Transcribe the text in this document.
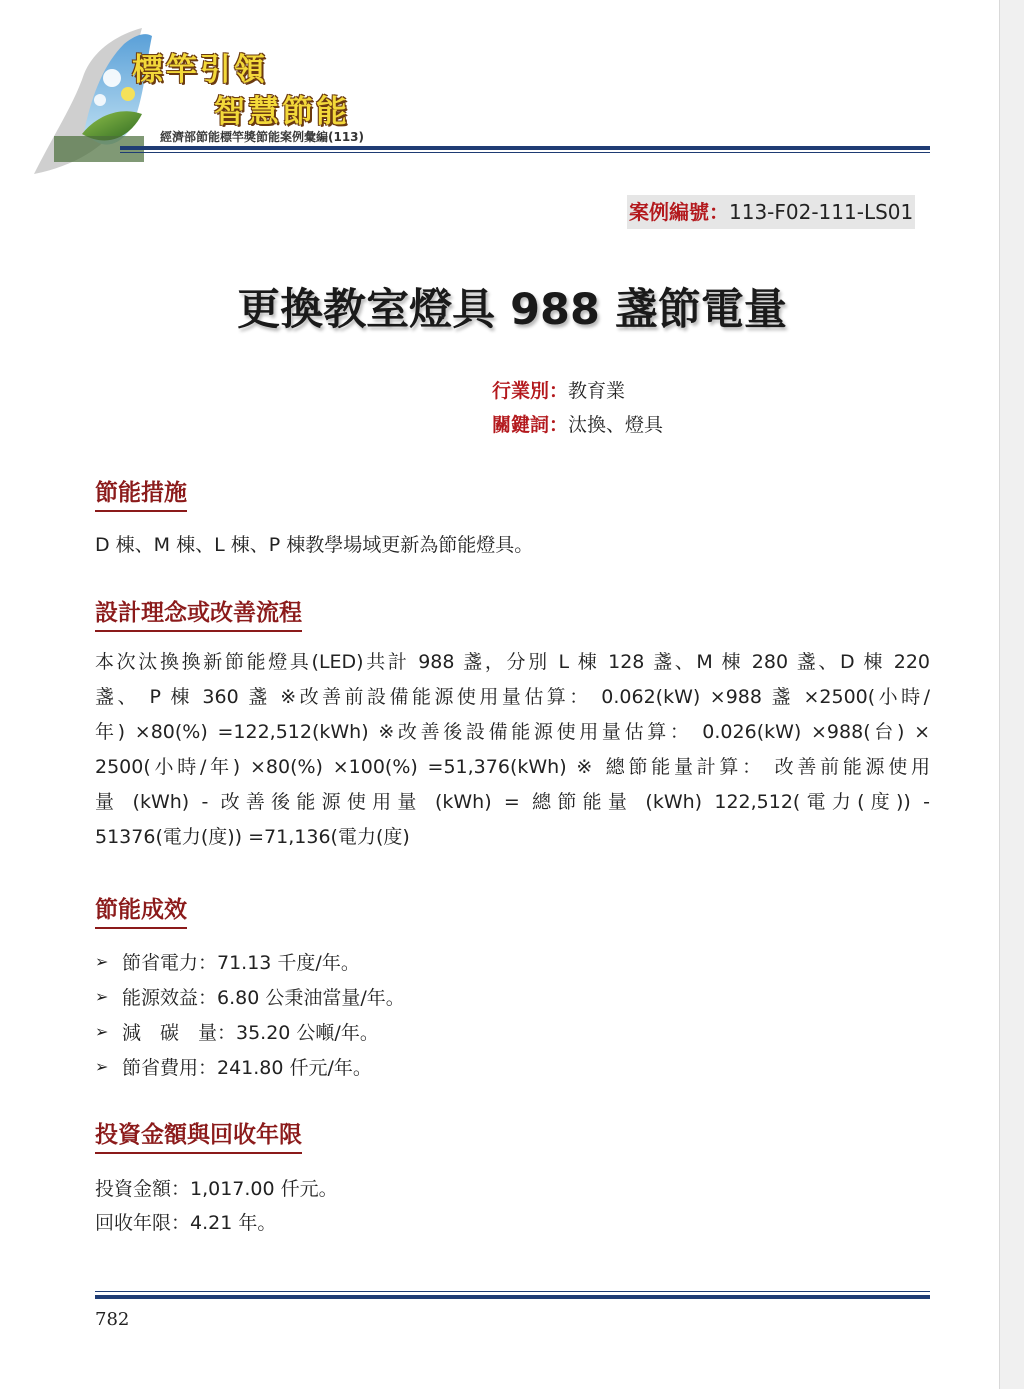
標竿引領
智慧節能
經濟部節能標竿獎節能案例彙編(113)
案例編號：113-F02-111-LS01
更換教室燈具 988 盞節電量
行業別：教育業
關鍵詞：汰換、燈具
節能措施
D 棟、M 棟、L 棟、P 棟教學場域更新為節能燈具。
設計理念或改善流程
本次汰換換新節能燈具(LED)共計 988 盞，分別 L 棟 128 盞、M 棟 280 盞、D 棟 220
盞、 P 棟 360 盞 ※改善前設備能源使用量估算： 0.062(kW) ×988 盞 ×2500(小時/
年) ×80(%) =122,512(kWh) ※改善後設備能源使用量估算： 0.026(kW) ×988(台) ×
2500(小時/年) ×80(%) ×100(%) =51,376(kWh) ※ 總節能量計算： 改善前能源使用
量 (kWh) - 改善後能源使用量 (kWh) = 總節能量 (kWh) 122,512(電力(度)) -
51376(電力(度)) =71,136(電力(度)
節能成效
➢ 節省電力：71.13 千度/年。
➢ 能源效益：6.80 公秉油當量/年。
➢ 減　碳　量：35.20 公噸/年。
➢ 節省費用：241.80 仟元/年。
投資金額與回收年限
投資金額：1,017.00 仟元。
回收年限：4.21 年。
782
